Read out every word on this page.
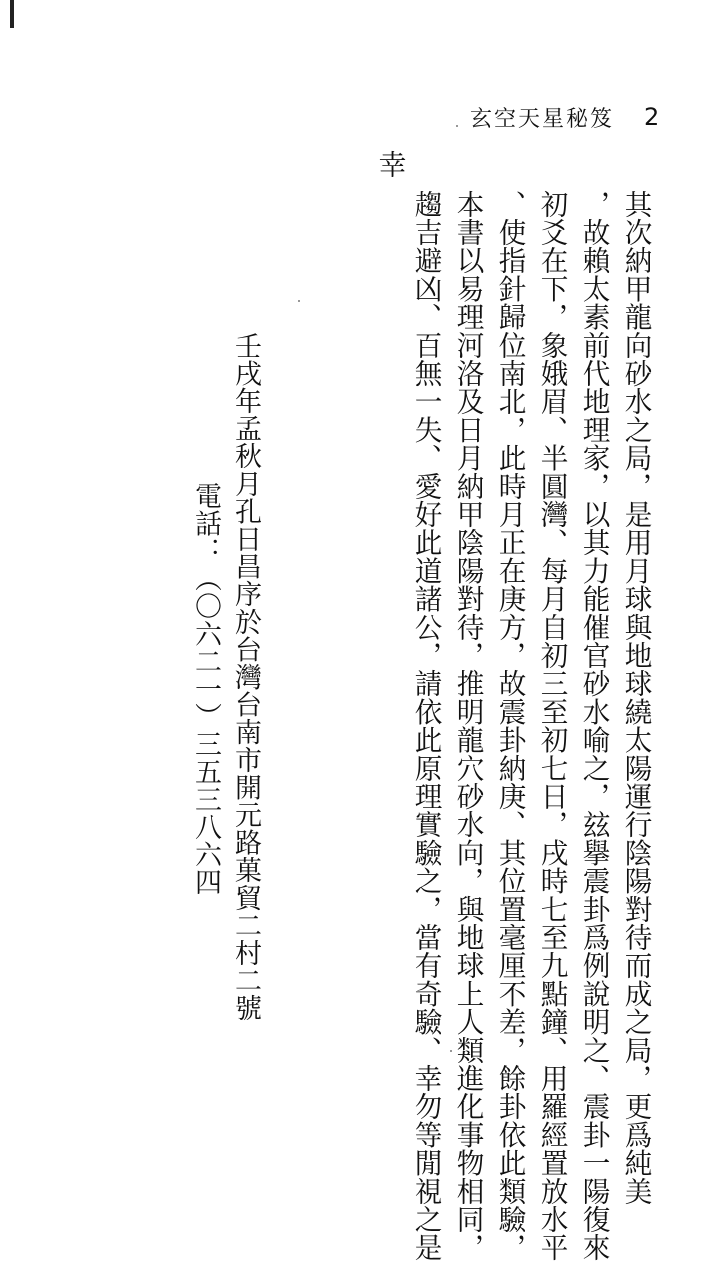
玄空天星秘笈 2
其次納甲龍向砂水之局，是用月球與地球繞太陽運行陰陽對待而成之局，更爲純美
，故賴太素前代地理家，以其力能催官砂水喻之，玆擧震卦爲例說明之、震卦一陽復來
初爻在下，象娥眉、半圓灣、每月自初三至初七日，戌時七至九點鐘、用羅經置放水平
、使指針歸位南北，此時月正在庚方，故震卦納庚、其位置毫厘不差，餘卦依此類驗，
本書以易理河洛及日月納甲陰陽對待，推明龍穴砂水向，與地球上人類進化事物相同，
趨吉避凶、百無一失、愛好此道諸公，請依此原理實驗之，當有奇驗、幸勿等閒視之是
幸
壬戌年孟秋月孔日昌序於台灣台南市開元路菓貿二村二號
電話：（〇六二一）三五三八六四
